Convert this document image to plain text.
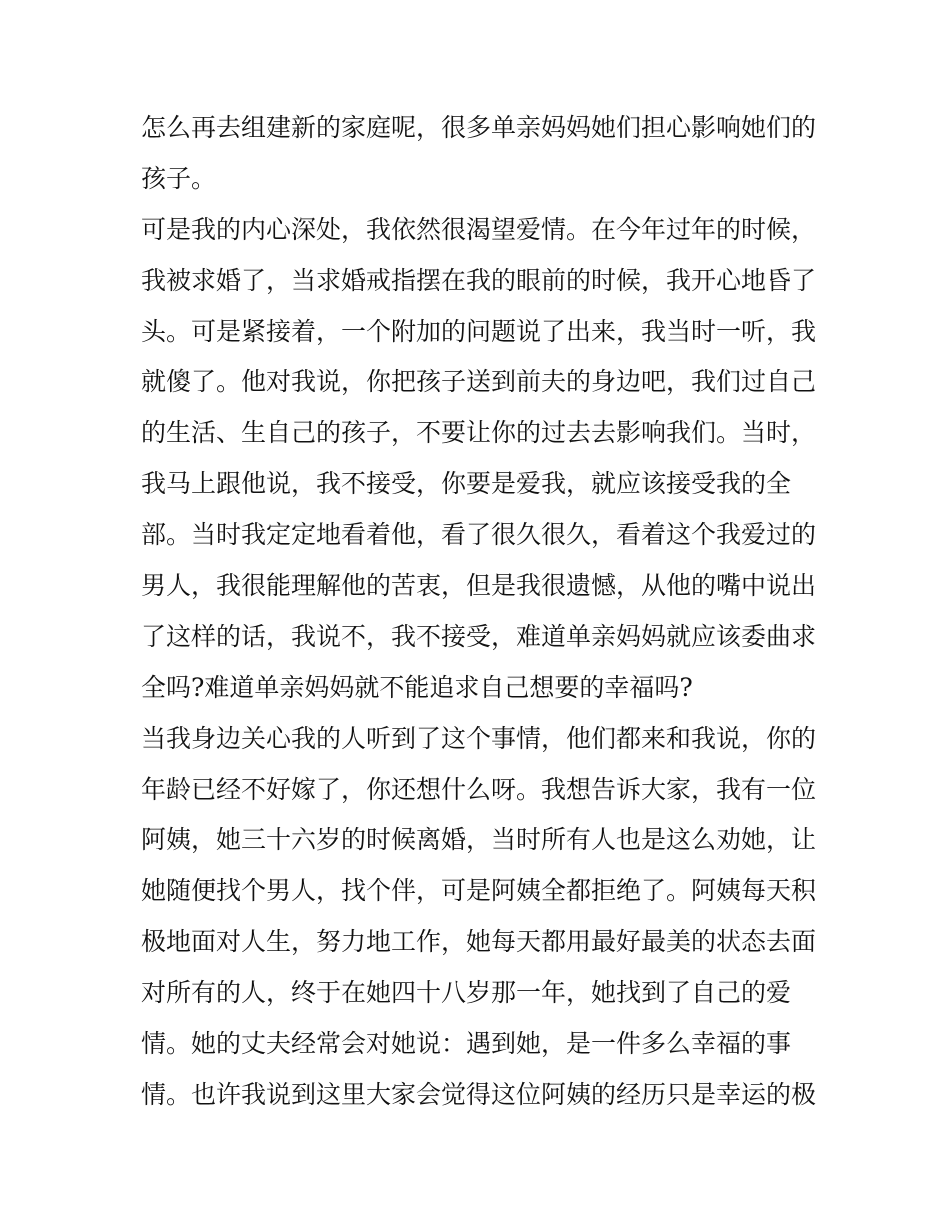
怎么再去组建新的家庭呢，很多单亲妈妈她们担心影响她们的
孩子。
可是我的内心深处，我依然很渴望爱情。在今年过年的时候，
我被求婚了，当求婚戒指摆在我的眼前的时候，我开心地昏了
头。可是紧接着，一个附加的问题说了出来，我当时一听，我
就傻了。他对我说，你把孩子送到前夫的身边吧，我们过自己
的生活、生自己的孩子，不要让你的过去去影响我们。当时，
我马上跟他说，我不接受，你要是爱我，就应该接受我的全
部。当时我定定地看着他，看了很久很久，看着这个我爱过的
男人，我很能理解他的苦衷，但是我很遗憾，从他的嘴中说出
了这样的话，我说不，我不接受，难道单亲妈妈就应该委曲求
全吗?难道单亲妈妈就不能追求自己想要的幸福吗?
当我身边关心我的人听到了这个事情，他们都来和我说，你的
年龄已经不好嫁了，你还想什么呀。我想告诉大家，我有一位
阿姨，她三十六岁的时候离婚，当时所有人也是这么劝她，让
她随便找个男人，找个伴，可是阿姨全都拒绝了。阿姨每天积
极地面对人生，努力地工作，她每天都用最好最美的状态去面
对所有的人，终于在她四十八岁那一年，她找到了自己的爱
情。她的丈夫经常会对她说：遇到她，是一件多么幸福的事
情。也许我说到这里大家会觉得这位阿姨的经历只是幸运的极
